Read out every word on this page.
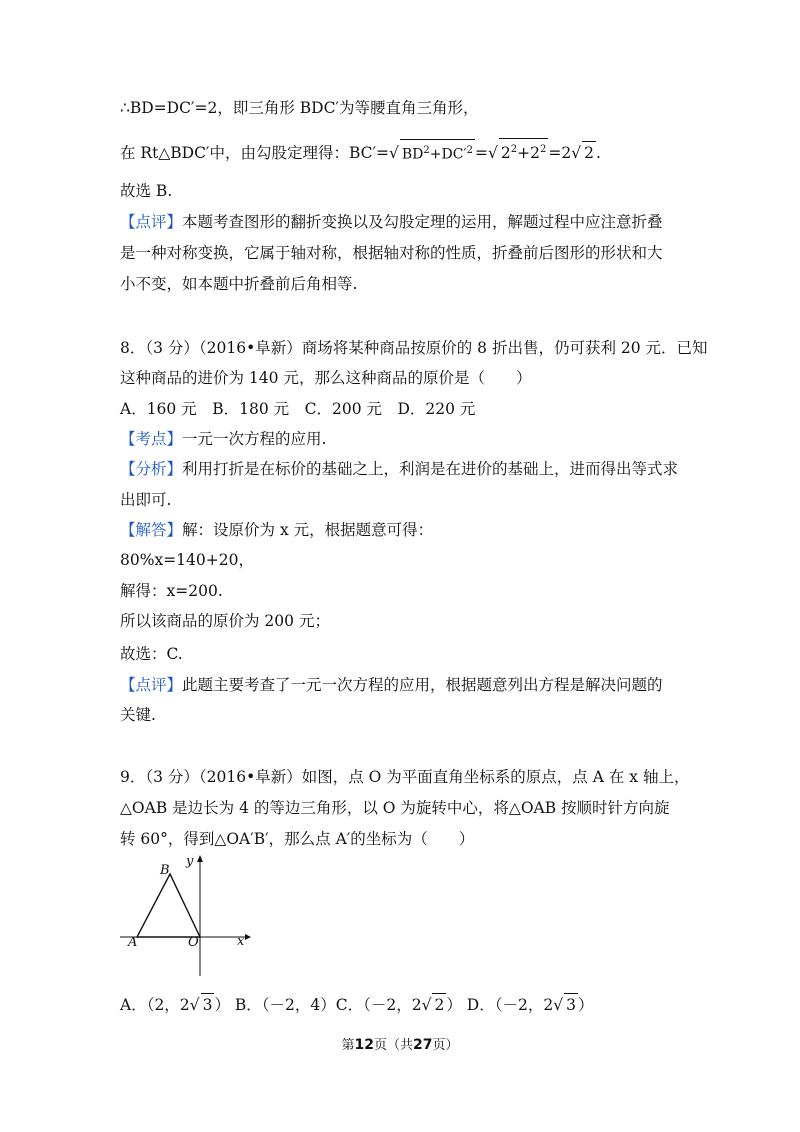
∴BD=DC′=2，即三角形 BDC′为等腰直角三角形，
在 Rt△BDC′中，由勾股定理得：BC′=√ $BD^2+DC'^2$ =√ $2^2+2^2 =2√$ 2 .
故选 B.
【点评】本题考查图形的翻折变换以及勾股定理的运用，解题过程中应注意折叠
是一种对称变换，它属于轴对称，根据轴对称的性质，折叠前后图形的形状和大
小不变，如本题中折叠前后角相等.
8．（3 分）（2016•阜新）商场将某种商品按原价的 8 折出售，仍可获利 20 元．已知
这种商品的进价为 140 元，那么这种商品的原价是（　　）
A．160 元　B．180 元　C．200 元　D．220 元
【考点】一元一次方程的应用.
【分析】利用打折是在标价的基础之上，利润是在进价的基础上，进而得出等式求
出即可.
【解答】解：设原价为 x 元，根据题意可得：
80%x=140+20，
解得：x=200.
所以该商品的原价为 200 元；
故选：C.
【点评】此题主要考查了一元一次方程的应用，根据题意列出方程是解决问题的
关键.
9．（3 分）（2016•阜新）如图，点 O 为平面直角坐标系的原点，点 A 在 x 轴上，
△OAB 是边长为 4 的等边三角形，以 O 为旋转中心，将△OAB 按顺时针方向旋
转 60°，得到△OA′B′，那么点 A′的坐标为（　　）
y
x
B
A	O
A．（2，2√ 3 ） B．（－2，4）C．（－2，2√ 2 ） D．（－2，2√ 3 ）
第12页（共27页）
